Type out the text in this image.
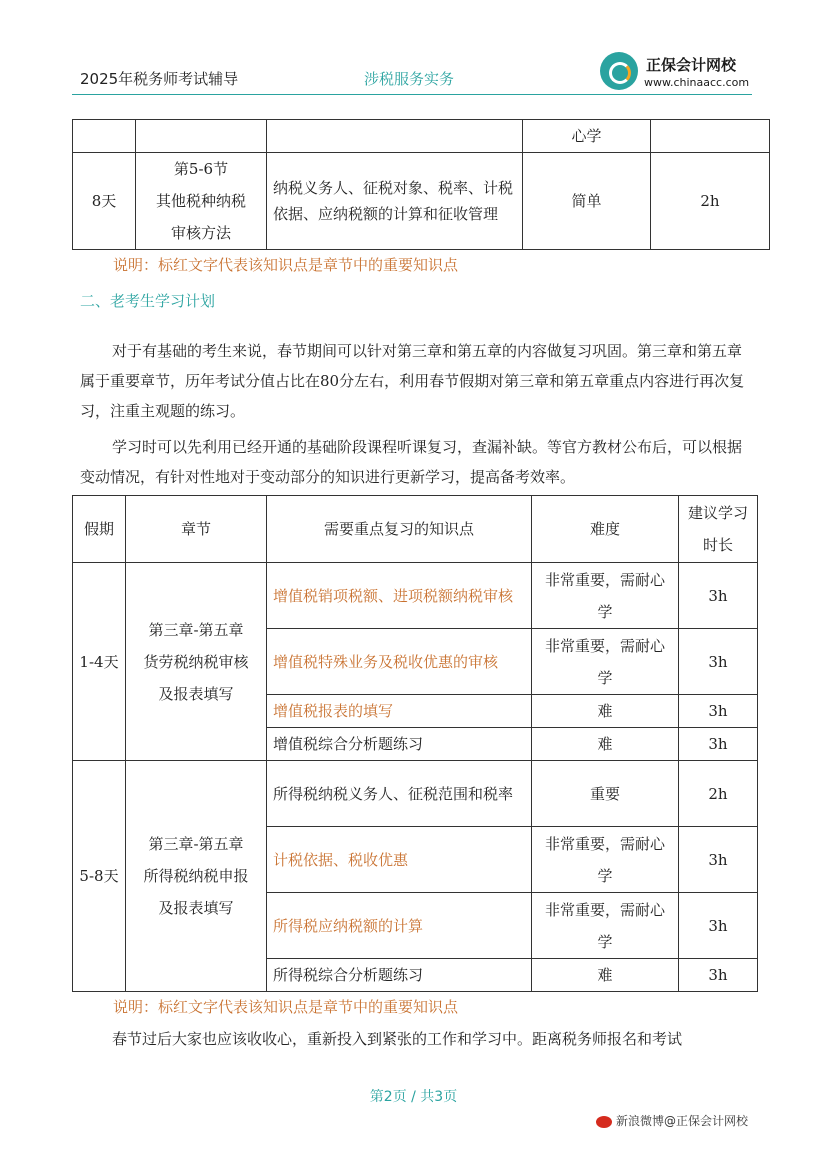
2025年税务师考试辅导	涉税服务实务
正保会计网校
www.chinaacc.com
			心学	
8天	第5-6节
其他税种纳税
审核方法	纳税义务人、征税对象、税率、计税依据、应纳税额的计算和征收管理	简单	2h
说明：标红文字代表该知识点是章节中的重要知识点
二、老考生学习计划

对于有基础的考生来说，春节期间可以针对第三章和第五章的内容做复习巩固。第三章和第五章属于重要章节，历年考试分值占比在80分左右，利用春节假期对第三章和第五章重点内容进行再次复习，注重主观题的练习。

学习时可以先利用已经开通的基础阶段课程听课复习，查漏补缺。等官方教材公布后，可以根据变动情况，有针对性地对于变动部分的知识进行更新学习，提高备考效率。

假期	章节	需要重点复习的知识点	难度	建议学习时长
1-4天	第三章-第五章
货劳税纳税审核
及报表填写	增值税销项税额、进项税额纳税审核	非常重要，需耐心学	3h
		增值税特殊业务及税收优惠的审核	非常重要，需耐心学	3h
		增值税报表的填写	难	3h
		增值税综合分析题练习	难	3h
5-8天	第三章-第五章
所得税纳税申报
及报表填写	所得税纳税义务人、征税范围和税率	重要	2h
		计税依据、税收优惠	非常重要，需耐心学	3h
		所得税应纳税额的计算	非常重要，需耐心学	3h
		所得税综合分析题练习	难	3h
说明：标红文字代表该知识点是章节中的重要知识点

春节过后大家也应该收收心，重新投入到紧张的工作和学习中。距离税务师报名和考试

第2页 / 共3页
新浪微博@正保会计网校
